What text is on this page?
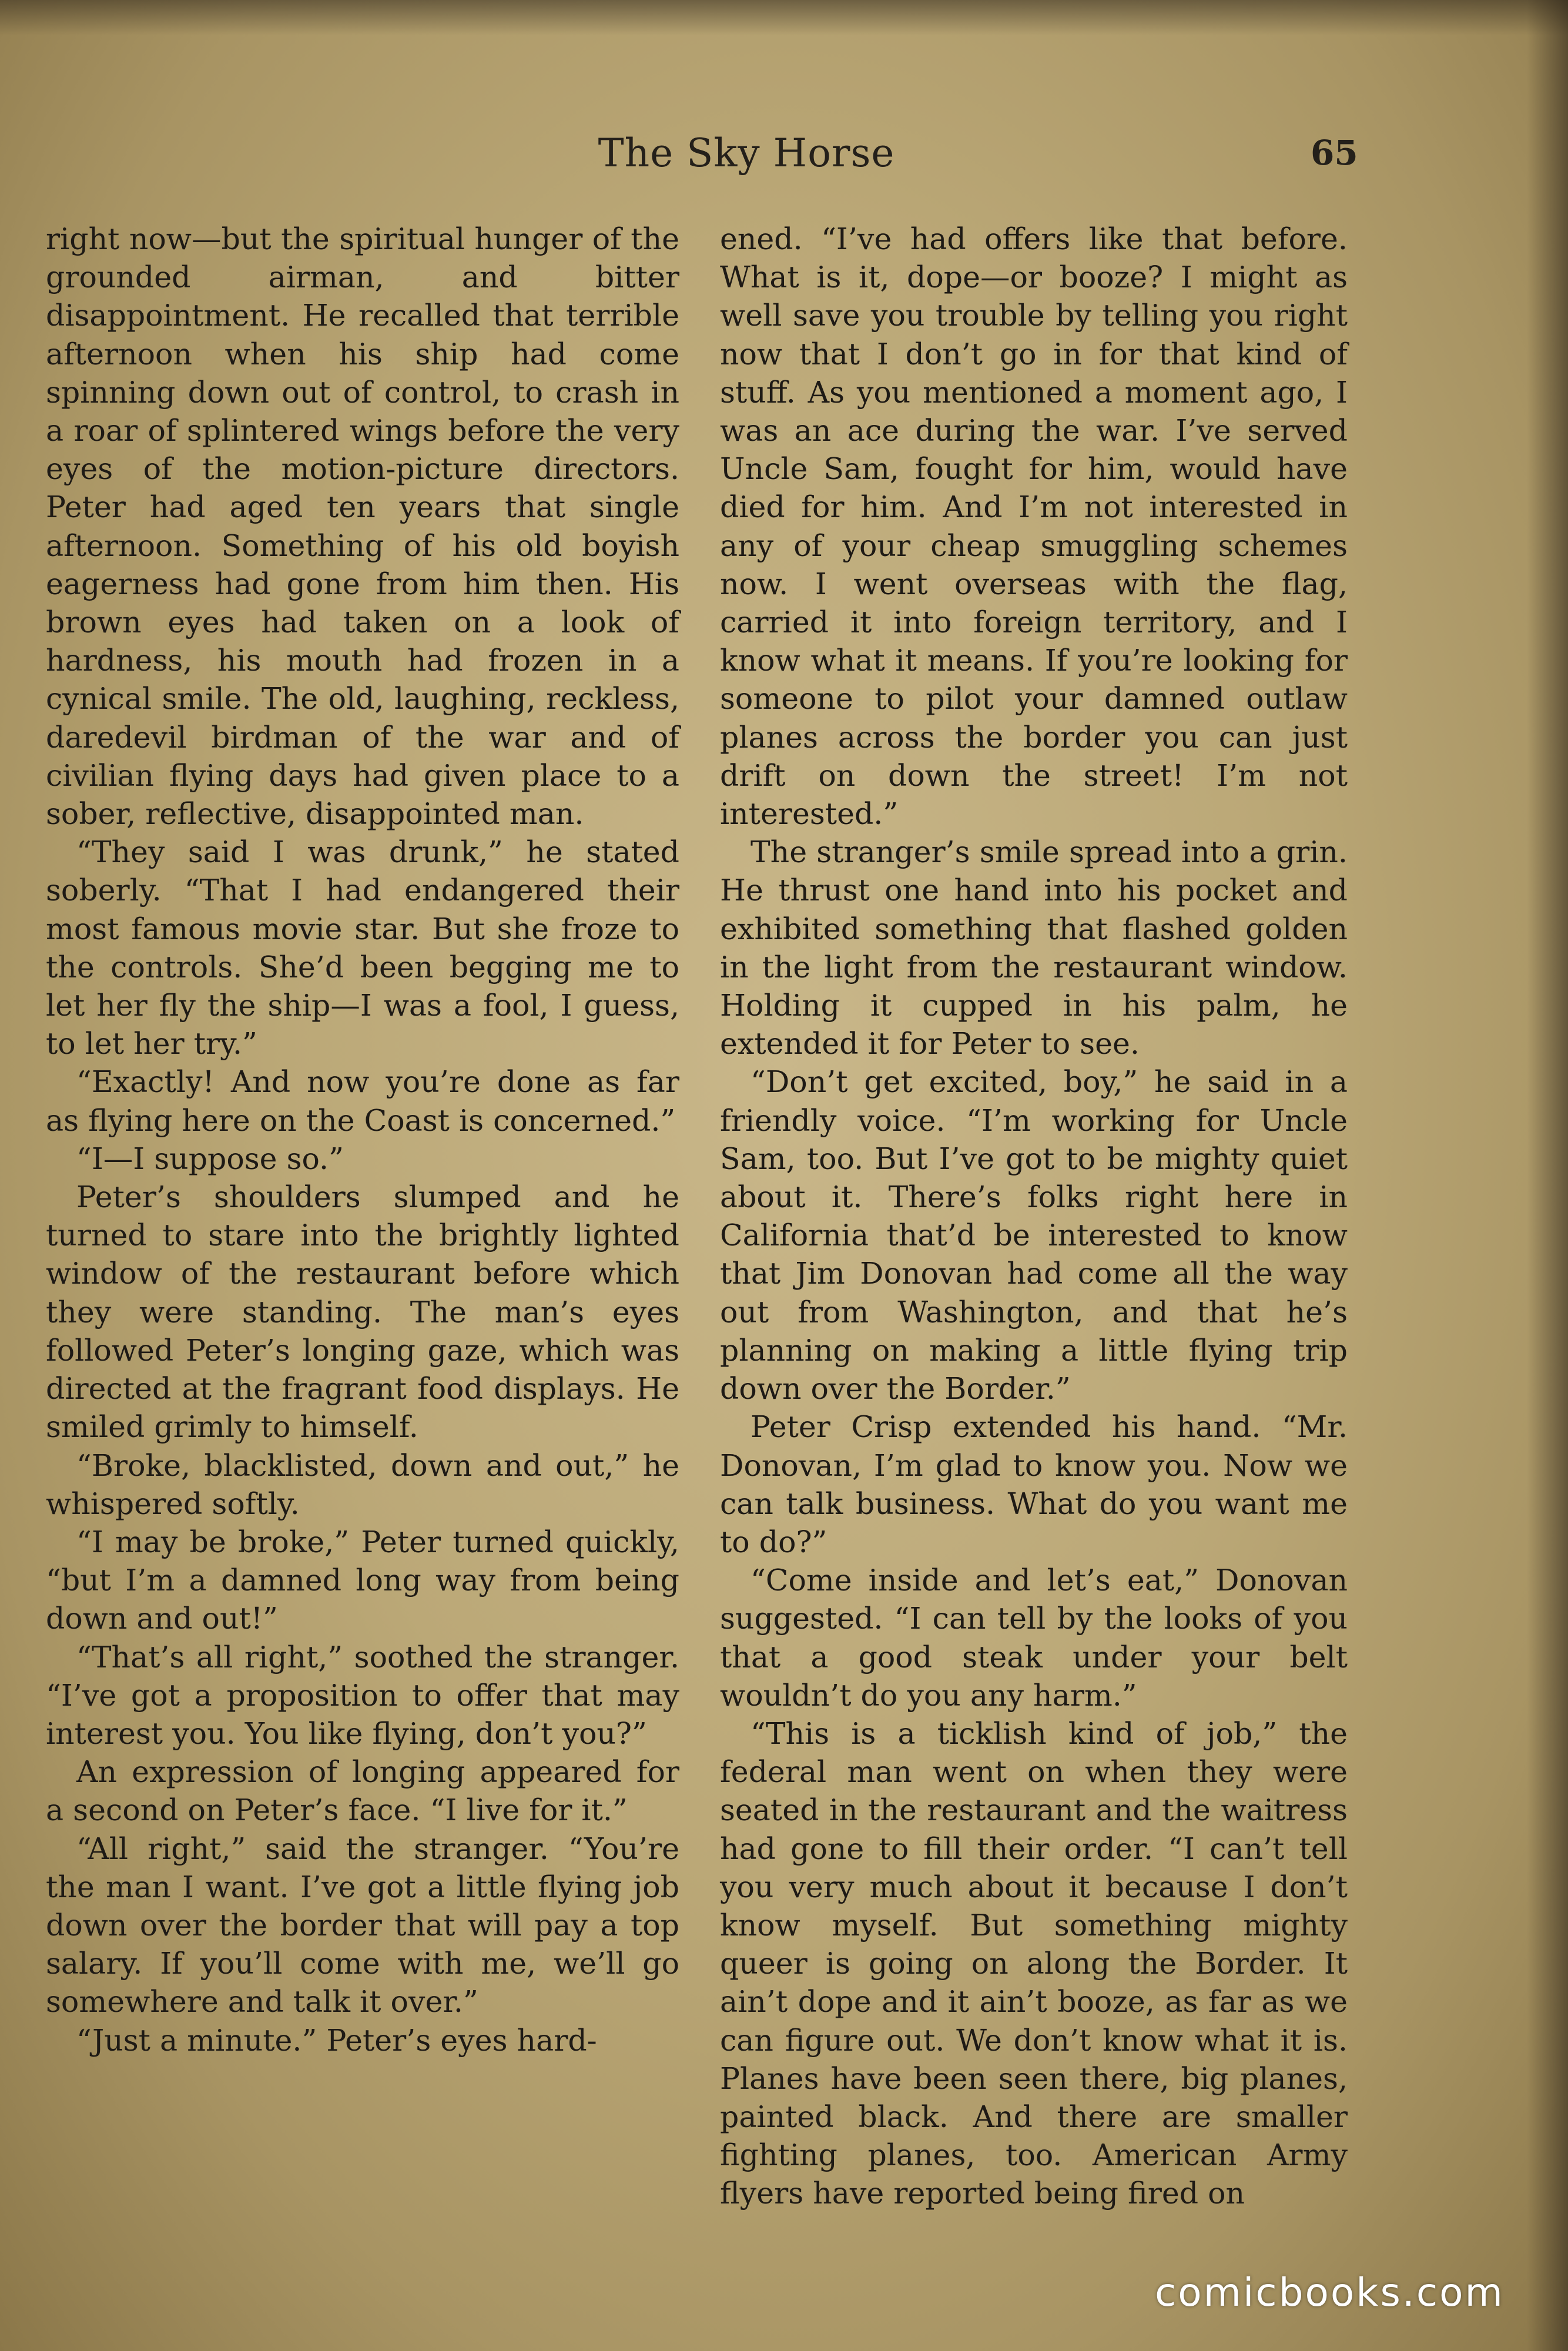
The Sky Horse	65

right now—but the spiritual hunger of the grounded airman, and bitter disappointment. He recalled that terrible afternoon when his ship had come spinning down out of control, to crash in a roar of splintered wings before the very eyes of the motion-picture directors. Peter had aged ten years that single afternoon. Something of his old boyish eagerness had gone from him then. His brown eyes had taken on a look of hardness, his mouth had frozen in a cynical smile. The old, laughing, reckless, daredevil birdman of the war and of civilian flying days had given place to a sober, reflective, disappointed man.

“They said I was drunk,” he stated soberly. “That I had endangered their most famous movie star. But she froze to the controls. She’d been begging me to let her fly the ship—I was a fool, I guess, to let her try.”

“Exactly! And now you’re done as far as flying here on the Coast is concerned.”

“I—I suppose so.”

Peter’s shoulders slumped and he turned to stare into the brightly lighted window of the restaurant before which they were standing. The man’s eyes followed Peter’s longing gaze, which was directed at the fragrant food displays. He smiled grimly to himself.

“Broke, blacklisted, down and out,” he whispered softly.

“I may be broke,” Peter turned quickly, “but I’m a damned long way from being down and out!”

“That’s all right,” soothed the stranger. “I’ve got a proposition to offer that may interest you. You like flying, don’t you?”

An expression of longing appeared for a second on Peter’s face. “I live for it.”

“All right,” said the stranger. “You’re the man I want. I’ve got a little flying job down over the border that will pay a top salary. If you’ll come with me, we’ll go somewhere and talk it over.”

“Just a minute.” Peter’s eyes hard-

ened. “I’ve had offers like that before. What is it, dope—or booze? I might as well save you trouble by telling you right now that I don’t go in for that kind of stuff. As you mentioned a moment ago, I was an ace during the war. I’ve served Uncle Sam, fought for him, would have died for him. And I’m not interested in any of your cheap smuggling schemes now. I went overseas with the flag, carried it into foreign territory, and I know what it means. If you’re looking for someone to pilot your damned outlaw planes across the border you can just drift on down the street! I’m not interested.”

The stranger’s smile spread into a grin. He thrust one hand into his pocket and exhibited something that flashed golden in the light from the restaurant window. Holding it cupped in his palm, he extended it for Peter to see.

“Don’t get excited, boy,” he said in a friendly voice. “I’m working for Uncle Sam, too. But I’ve got to be mighty quiet about it. There’s folks right here in California that’d be interested to know that Jim Donovan had come all the way out from Washington, and that he’s planning on making a little flying trip down over the Border.”

Peter Crisp extended his hand. “Mr. Donovan, I’m glad to know you. Now we can talk business. What do you want me to do?”

“Come inside and let’s eat,” Donovan suggested. “I can tell by the looks of you that a good steak under your belt wouldn’t do you any harm.”

“This is a ticklish kind of job,” the federal man went on when they were seated in the restaurant and the waitress had gone to fill their order. “I can’t tell you very much about it because I don’t know myself. But something mighty queer is going on along the Border. It ain’t dope and it ain’t booze, as far as we can figure out. We don’t know what it is. Planes have been seen there, big planes, painted black. And there are smaller fighting planes, too. American Army flyers have reported being fired on

comicbooks.com
